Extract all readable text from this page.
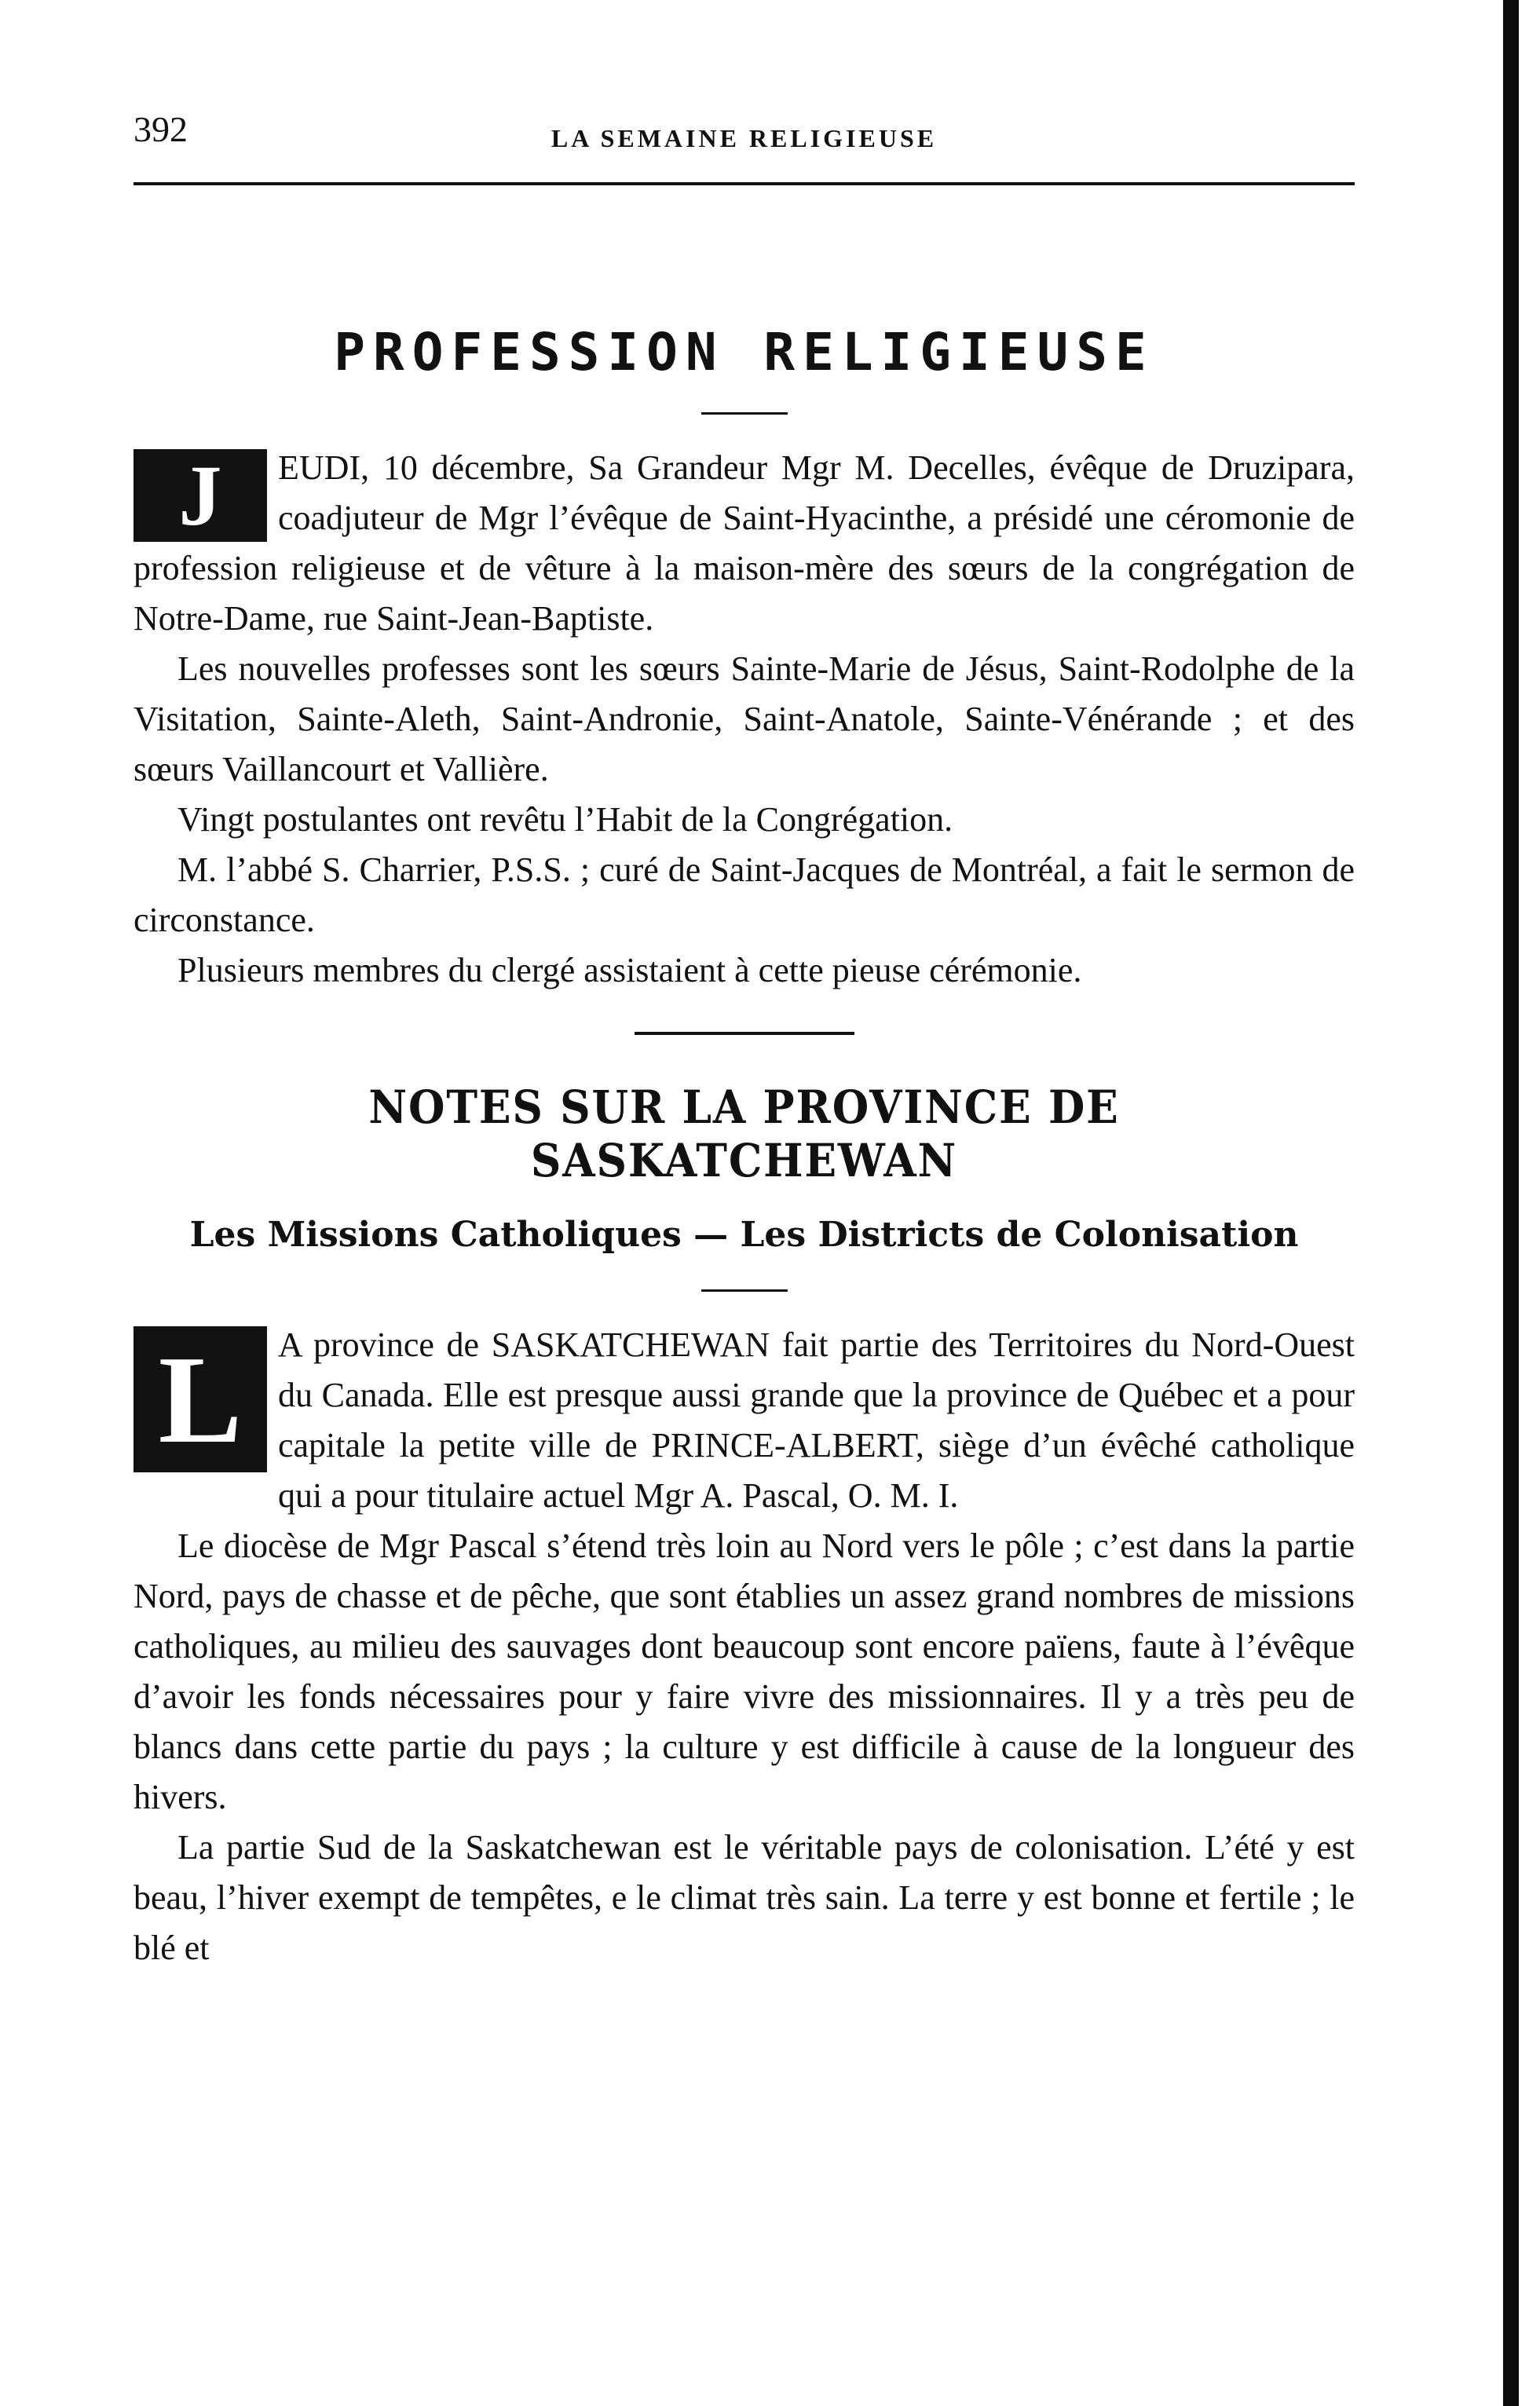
392	LA SEMAINE RELIGIEUSE
PROFESSION RELIGIEUSE
J	EUDI, 10 décembre, Sa Grandeur Mgr M. Decelles, évêque de Druzipara, coadjuteur de Mgr l’évêque de Saint-Hyacinthe, a présidé une céromonie de profession religieuse et de vêture à la maison-mère des sœurs de la congrégation de Notre-Dame, rue Saint-Jean-Baptiste.

Les nouvelles professes sont les sœurs Sainte-Marie de Jésus, Saint-Rodolphe de la Visitation, Sainte-Aleth, Saint-Andronie, Saint-Anatole, Sainte-Vénérande ; et des sœurs Vaillancourt et Vallière.

Vingt postulantes ont revêtu l’Habit de la Congrégation.

M. l’abbé S. Charrier, P.S.S. ; curé de Saint-Jacques de Montréal, a fait le sermon de circonstance.

Plusieurs membres du clergé assistaient à cette pieuse cérémonie.

NOTES SUR LA PROVINCE DE SASKATCHEWAN
Les Missions Catholiques — Les Districts de Colonisation
L	A province de SASKATCHEWAN fait partie des Territoires du Nord-Ouest du Canada. Elle est presque aussi grande que la province de Québec et a pour capitale la petite ville de PRINCE-ALBERT, siège d’un évêché catholique qui a pour titulaire actuel Mgr A. Pascal, O. M. I.

Le diocèse de Mgr Pascal s’étend très loin au Nord vers le pôle ; c’est dans la partie Nord, pays de chasse et de pêche, que sont établies un assez grand nombres de missions catholiques, au milieu des sauvages dont beaucoup sont encore païens, faute à l’évêque d’avoir les fonds nécessaires pour y faire vivre des missionnaires. Il y a très peu de blancs dans cette partie du pays ; la culture y est difficile à cause de la longueur des hivers.

La partie Sud de la Saskatchewan est le véritable pays de colonisation. L’été y est beau, l’hiver exempt de tempêtes, e le climat très sain. La terre y est bonne et fertile ; le blé et
